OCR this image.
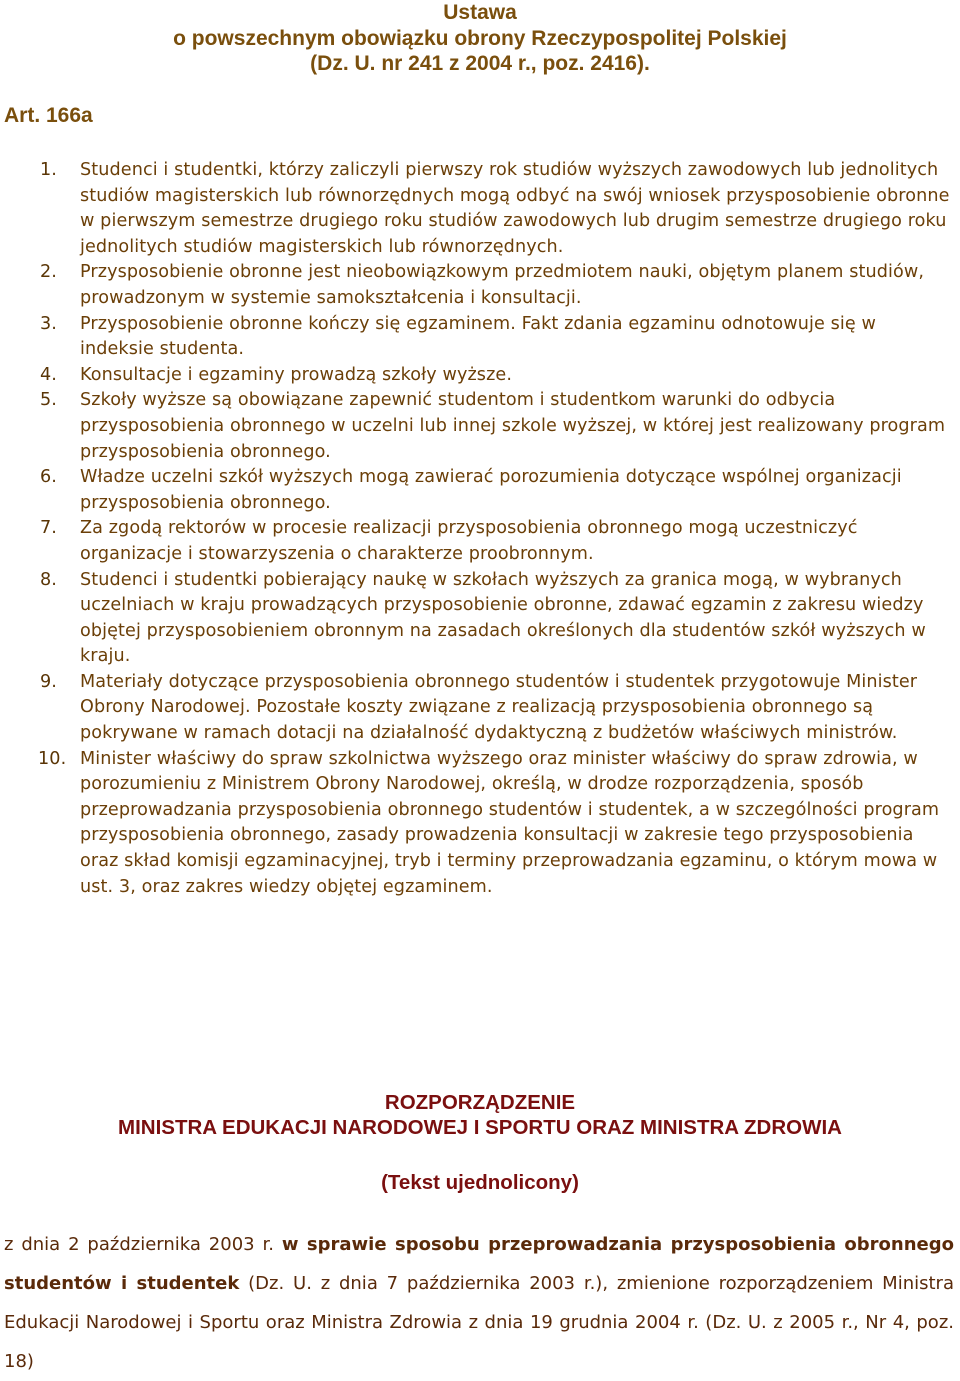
Ustawa
o powszechnym obowiązku obrony Rzeczypospolitej Polskiej
(Dz. U. nr 241 z 2004 r., poz. 2416).
Art. 166a
1. Studenci i studentki, którzy zaliczyli pierwszy rok studiów wyższych zawodowych lub jednolitych studiów magisterskich lub równorzędnych mogą odbyć na swój wniosek przysposobienie obronne w pierwszym semestrze drugiego roku studiów zawodowych lub drugim semestrze drugiego roku jednolitych studiów magisterskich lub równorzędnych.
2. Przysposobienie obronne jest nieobowiązkowym przedmiotem nauki, objętym planem studiów, prowadzonym w systemie samokształcenia i konsultacji.
3. Przysposobienie obronne kończy się egzaminem. Fakt zdania egzaminu odnotowuje się w indeksie studenta.
4. Konsultacje i egzaminy prowadzą szkoły wyższe.
5. Szkoły wyższe są obowiązane zapewnić studentom i studentkom warunki do odbycia przysposobienia obronnego w uczelni lub innej szkole wyższej, w której jest realizowany program przysposobienia obronnego.
6. Władze uczelni szkół wyższych mogą zawierać porozumienia dotyczące wspólnej organizacji przysposobienia obronnego.
7. Za zgodą rektorów w procesie realizacji przysposobienia obronnego mogą uczestniczyć organizacje i stowarzyszenia o charakterze proobronnym.
8. Studenci i studentki pobierający naukę w szkołach wyższych za granica mogą, w wybranych uczelniach w kraju prowadzących przysposobienie obronne, zdawać egzamin z zakresu wiedzy objętej przysposobieniem obronnym na zasadach określonych dla studentów szkół wyższych w kraju.
9. Materiały dotyczące przysposobienia obronnego studentów i studentek przygotowuje Minister Obrony Narodowej. Pozostałe koszty związane z realizacją przysposobienia obronnego są pokrywane w ramach dotacji na działalność dydaktyczną z budżetów właściwych ministrów.
10. Minister właściwy do spraw szkolnictwa wyższego oraz minister właściwy do spraw zdrowia, w porozumieniu z Ministrem Obrony Narodowej, określą, w drodze rozporządzenia, sposób przeprowadzania przysposobienia obronnego studentów i studentek, a w szczególności program przysposobienia obronnego, zasady prowadzenia konsultacji w zakresie tego przysposobienia oraz skład komisji egzaminacyjnej, tryb i terminy przeprowadzania egzaminu, o którym mowa w ust. 3, oraz zakres wiedzy objętej egzaminem.
ROZPORZĄDZENIE
MINISTRA EDUKACJI NARODOWEJ I SPORTU ORAZ MINISTRA ZDROWIA
(Tekst ujednolicony)

z dnia 2 października 2003 r. w sprawie sposobu przeprowadzania przysposobienia obronnego studentów i studentek (Dz. U. z dnia 7 października 2003 r.), zmienione rozporządzeniem Ministra Edukacji Narodowej i Sportu oraz Ministra Zdrowia z dnia 19 grudnia 2004 r. (Dz. U. z 2005 r., Nr 4, poz. 18)
